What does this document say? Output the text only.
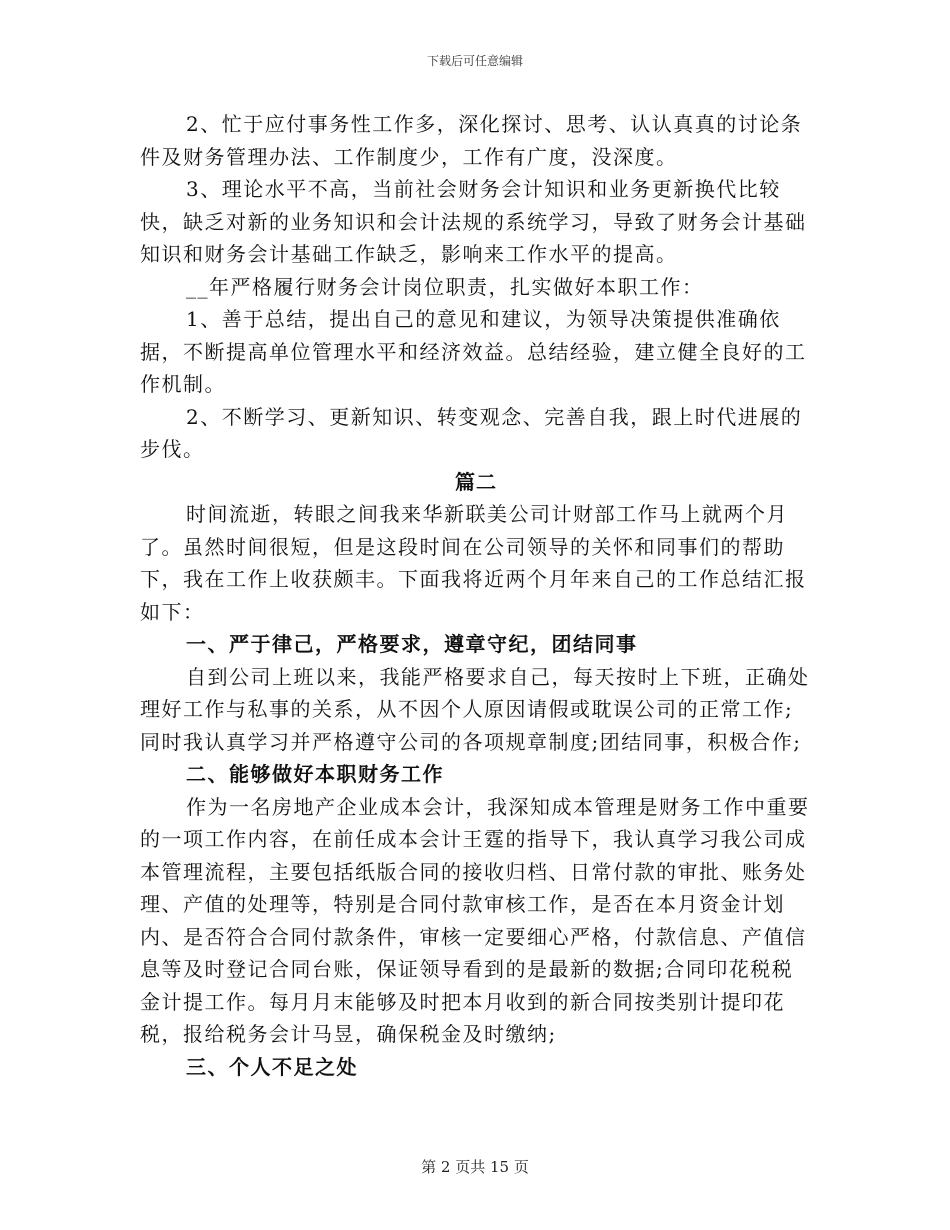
下载后可任意编辑

2、忙于应付事务性工作多，深化探讨、思考、认认真真的讨论条件及财务管理办法、工作制度少，工作有广度，没深度。

3、理论水平不高，当前社会财务会计知识和业务更新换代比较快，缺乏对新的业务知识和会计法规的系统学习，导致了财务会计基础知识和财务会计基础工作缺乏，影响来工作水平的提高。

__年严格履行财务会计岗位职责，扎实做好本职工作：

1、善于总结，提出自己的意见和建议，为领导决策提供准确依据，不断提高单位管理水平和经济效益。总结经验，建立健全良好的工作机制。

2、不断学习、更新知识、转变观念、完善自我，跟上时代进展的步伐。

篇二

时间流逝，转眼之间我来华新联美公司计财部工作马上就两个月了。虽然时间很短，但是这段时间在公司领导的关怀和同事们的帮助下，我在工作上收获颇丰。下面我将近两个月年来自己的工作总结汇报如下：

一、严于律己，严格要求，遵章守纪，团结同事

自到公司上班以来，我能严格要求自己，每天按时上下班，正确处理好工作与私事的关系，从不因个人原因请假或耽误公司的正常工作;同时我认真学习并严格遵守公司的各项规章制度;团结同事，积极合作;

二、能够做好本职财务工作

作为一名房地产企业成本会计，我深知成本管理是财务工作中重要的一项工作内容，在前任成本会计王霆的指导下，我认真学习我公司成本管理流程，主要包括纸版合同的接收归档、日常付款的审批、账务处理、产值的处理等，特别是合同付款审核工作，是否在本月资金计划内、是否符合合同付款条件，审核一定要细心严格，付款信息、产值信息等及时登记合同台账，保证领导看到的是最新的数据;合同印花税税金计提工作。每月月末能够及时把本月收到的新合同按类别计提印花税，报给税务会计马昱，确保税金及时缴纳;

三、个人不足之处

第 2 页共 15 页
